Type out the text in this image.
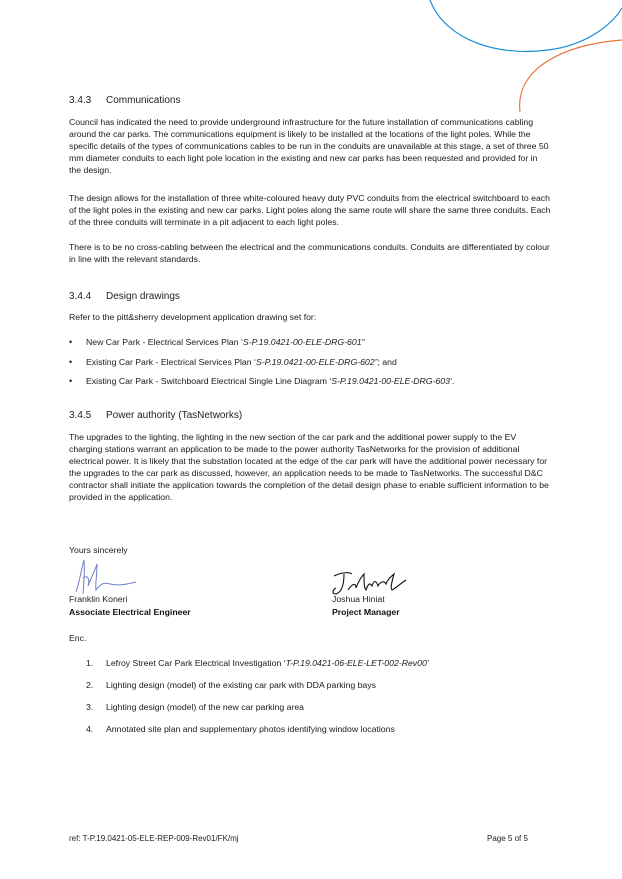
3.4.3 Communications

Council has indicated the need to provide underground infrastructure for the future installation of communications cabling around the car parks. The communications equipment is likely to be installed at the locations of the light poles. While the specific details of the types of communications cables to be run in the conduits are unavailable at this stage, a set of three 50 mm diameter conduits to each light pole location in the existing and new car parks has been requested and provided for in the design.

The design allows for the installation of three white-coloured heavy duty PVC conduits from the electrical switchboard to each of the light poles in the existing and new car parks. Light poles along the same route will share the same three conduits. Each of the three conduits will terminate in a pit adjacent to each light poles.

There is to be no cross-cabling between the electrical and the communications conduits. Conduits are differentiated by colour in line with the relevant standards.

3.4.4 Design drawings

Refer to the pitt&sherry development application drawing set for:

• New Car Park - Electrical Services Plan ‘S-P.19.0421-00-ELE-DRG-601”
• Existing Car Park - Electrical Services Plan ‘S-P.19.0421-00-ELE-DRG-602”; and
• Existing Car Park - Switchboard Electrical Single Line Diagram ‘S-P.19.0421-00-ELE-DRG-603’.
3.4.5 Power authority (TasNetworks)

The upgrades to the lighting, the lighting in the new section of the car park and the additional power supply to the EV charging stations warrant an application to be made to the power authority TasNetworks for the provision of additional electrical power. It is likely that the substation located at the edge of the car park will have the additional power necessary for the upgrades to the car park as discussed, however, an application needs to be made to TasNetworks. The successful D&C contractor shall initiate the application towards the completion of the detail design phase to enable sufficient information to be provided in the application.

Yours sincerely

Franklin Koneri
Associate Electrical Engineer
Joshua Hiniat
Project Manager

Enc.

1. Lefroy Street Car Park Electrical Investigation ‘T-P.19.0421-06-ELE-LET-002-Rev00’
2. Lighting design (model) of the existing car park with DDA parking bays
3. Lighting design (model) of the new car parking area
4. Annotated site plan and supplementary photos identifying window locations
ref: T-P.19.0421-05-ELE-REP-009-Rev01/FK/mj	Page 5 of 5
